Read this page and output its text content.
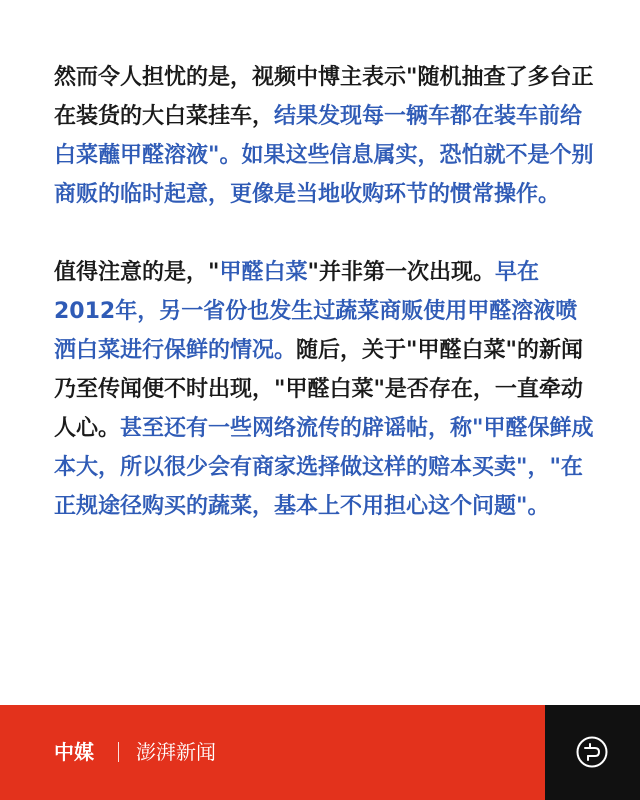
然而令人担忧的是，视频中博主表示"随机抽查了多台正在装货的大白菜挂车，结果发现每一辆车都在装车前给白菜蘸甲醛溶液"。如果这些信息属实，恐怕就不是个别商贩的临时起意，更像是当地收购环节的惯常操作。

值得注意的是，"甲醛白菜"并非第一次出现。早在2012年，另一省份也发生过蔬菜商贩使用甲醛溶液喷洒白菜进行保鲜的情况。随后，关于"甲醛白菜"的新闻乃至传闻便不时出现，"甲醛白菜"是否存在，一直牵动人心。甚至还有一些网络流传的辟谣帖，称"甲醛保鲜成本大，所以很少会有商家选择做这样的赔本买卖"，"在正规途径购买的蔬菜，基本上不用担心这个问题"。

中媒 澎湃新闻
